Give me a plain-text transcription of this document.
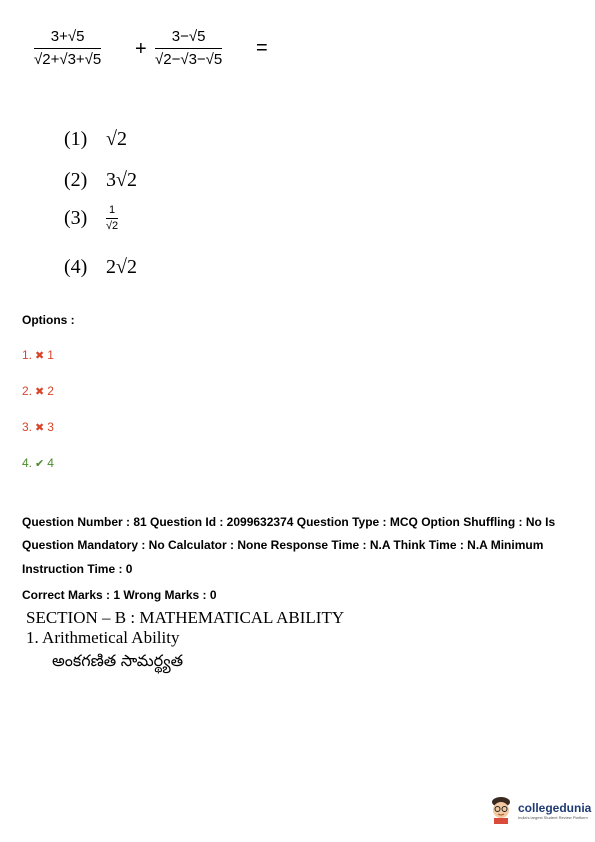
3+√5
√2+√3+√5 +
3−√5
√2−√3−√5
=
(1) √2
(2) 3√2
(3)	1
√2
(4) 2√2
Options :
1. ✖ 1
2. ✖ 2
3. ✖ 3
4. ✔ 4
Question Number : 81 Question Id : 2099632374 Question Type : MCQ Option Shuffling : No Is
Question Mandatory : No Calculator : None Response Time : N.A Think Time : N.A Minimum
Instruction Time : 0
Correct Marks : 1 Wrong Marks : 0
SECTION – B : MATHEMATICAL ABILITY
1. Arithmetical Ability
అంకగణిత సామర్థ్యత
collegedunia
India's largest Student Review Platform
